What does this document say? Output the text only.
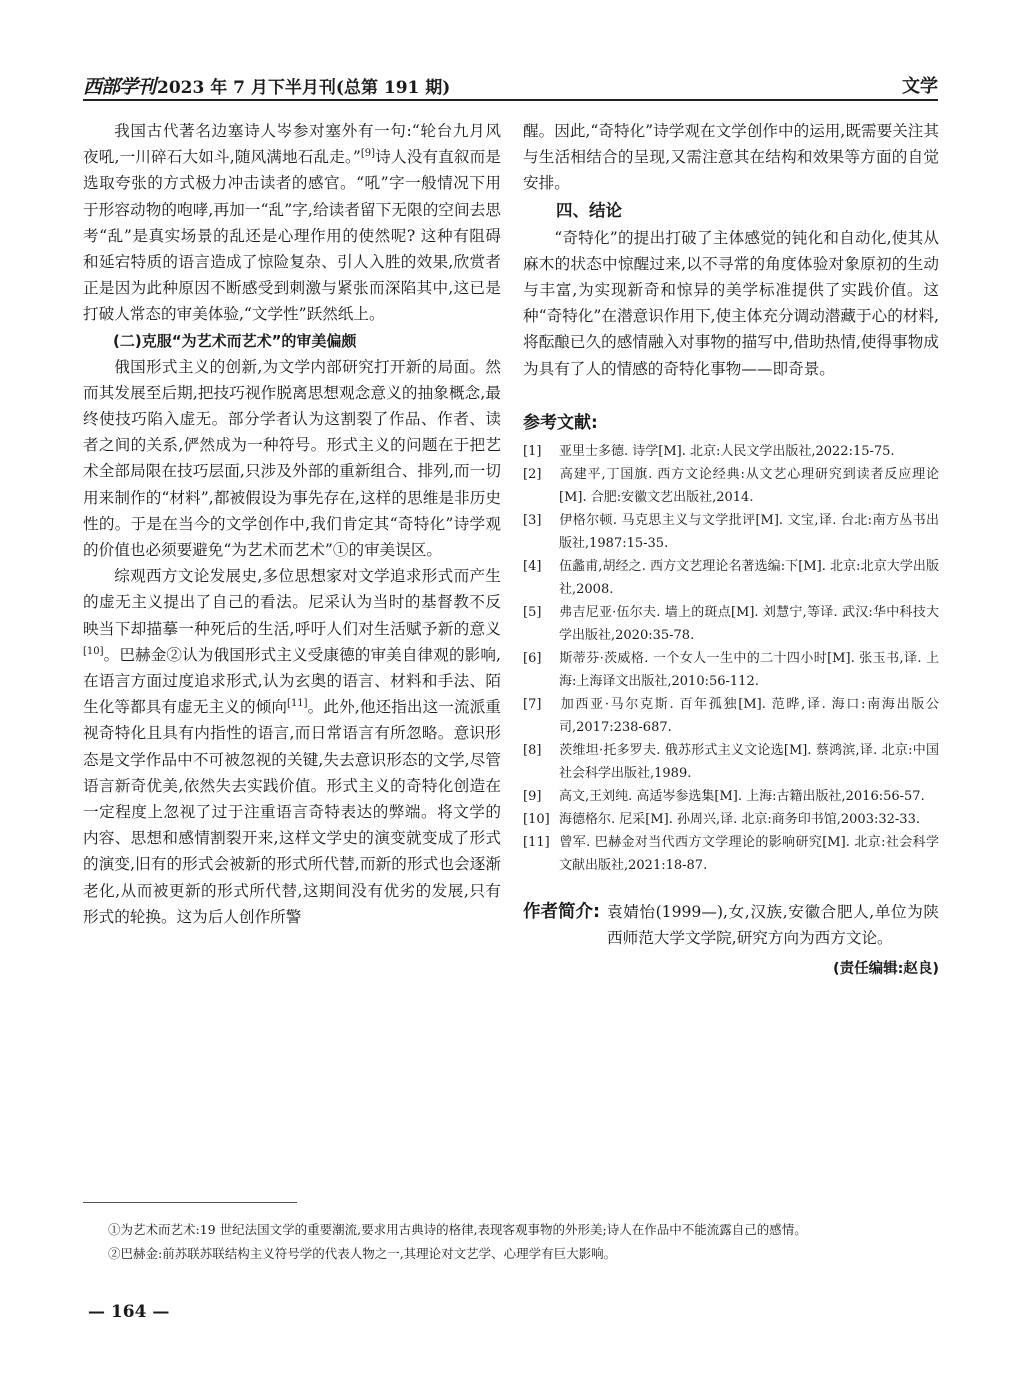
西部学刊 2023 年 7 月下半月刊(总第 191 期)	文学

我国古代著名边塞诗人岑参对塞外有一句:“轮台九月风夜吼,一川碎石大如斗,随风满地石乱走。”[9]诗人没有直叙而是选取夸张的方式极力冲击读者的感官。“吼”字一般情况下用于形容动物的咆哮,再加一“乱”字,给读者留下无限的空间去思考“乱”是真实场景的乱还是心理作用的使然呢? 这种有阻碍和延宕特质的语言造成了惊险复杂、引人入胜的效果,欣赏者正是因为此种原因不断感受到刺激与紧张而深陷其中,这已是打破人常态的审美体验,“文学性”跃然纸上。

(二)克服“为艺术而艺术”的审美偏颇

俄国形式主义的创新,为文学内部研究打开新的局面。然而其发展至后期,把技巧视作脱离思想观念意义的抽象概念,最终使技巧陷入虚无。部分学者认为这割裂了作品、作者、读者之间的关系,俨然成为一种符号。形式主义的问题在于把艺术全部局限在技巧层面,只涉及外部的重新组合、排列,而一切用来制作的“材料”,都被假设为事先存在,这样的思维是非历史性的。于是在当今的文学创作中,我们肯定其“奇特化”诗学观的价值也必须要避免“为艺术而艺术”①的审美误区。

综观西方文论发展史,多位思想家对文学追求形式而产生的虚无主义提出了自己的看法。尼采认为当时的基督教不反映当下却描摹一种死后的生活,呼吁人们对生活赋予新的意义[10]。巴赫金②认为俄国形式主义受康德的审美自律观的影响,在语言方面过度追求形式,认为玄奥的语言、材料和手法、陌生化等都具有虚无主义的倾向[11]。此外,他还指出这一流派重视奇特化且具有内指性的语言,而日常语言有所忽略。意识形态是文学作品中不可被忽视的关键,失去意识形态的文学,尽管语言新奇优美,依然失去实践价值。形式主义的奇特化创造在一定程度上忽视了过于注重语言奇特表达的弊端。将文学的内容、思想和感情割裂开来,这样文学史的演变就变成了形式的演变,旧有的形式会被新的形式所代替,而新的形式也会逐渐老化,从而被更新的形式所代替,这期间没有优劣的发展,只有形式的轮换。这为后人创作所警

醒。因此,“奇特化”诗学观在文学创作中的运用,既需要关注其与生活相结合的呈现,又需注意其在结构和效果等方面的自觉安排。

四、结论

“奇特化”的提出打破了主体感觉的钝化和自动化,使其从麻木的状态中惊醒过来,以不寻常的角度体验对象原初的生动与丰富,为实现新奇和惊异的美学标准提供了实践价值。这种“奇特化”在潜意识作用下,使主体充分调动潜藏于心的材料,将酝酿已久的感情融入对事物的描写中,借助热情,使得事物成为具有了人的情感的奇特化事物——即奇景。

参考文献:

[1] 亚里士多德. 诗学[M]. 北京:人民文学出版社,2022:15-75.

[2] 高建平,丁国旗. 西方文论经典:从文艺心理研究到读者反应理论[M]. 合肥:安徽文艺出版社,2014.

[3] 伊格尔顿. 马克思主义与文学批评[M]. 文宝,译. 台北:南方丛书出版社,1987:15-35.

[4] 伍蠡甫,胡经之. 西方文艺理论名著选编:下[M]. 北京:北京大学出版社,2008.

[5] 弗吉尼亚·伍尔夫. 墙上的斑点[M]. 刘慧宁,等译. 武汉:华中科技大学出版社,2020:35-78.

[6] 斯蒂芬·茨威格. 一个女人一生中的二十四小时[M]. 张玉书,译. 上海:上海译文出版社,2010:56-112.

[7] 加西亚·马尔克斯. 百年孤独[M]. 范晔,译. 海口:南海出版公司,2017:238-687.

[8] 茨维坦·托多罗夫. 俄苏形式主义文论选[M]. 蔡鸿滨,译. 北京:中国社会科学出版社,1989.

[9] 高文,王刘纯. 高适岑参选集[M]. 上海:古籍出版社,2016:56-57.

[10] 海德格尔. 尼采[M]. 孙周兴,译. 北京:商务印书馆,2003:32-33.

[11] 曾军. 巴赫金对当代西方文学理论的影响研究[M]. 北京:社会科学文献出版社,2021:18-87.

作者简介: 袁婧怡(1999—),女,汉族,安徽合肥人,单位为陕西师范大学文学院,研究方向为西方文论。
(责任编辑:赵良)

①为艺术而艺术:19 世纪法国文学的重要潮流,要求用古典诗的格律,表现客观事物的外形美;诗人在作品中不能流露自己的感情。

②巴赫金:前苏联苏联结构主义符号学的代表人物之一,其理论对文艺学、心理学有巨大影响。

— 164 —
